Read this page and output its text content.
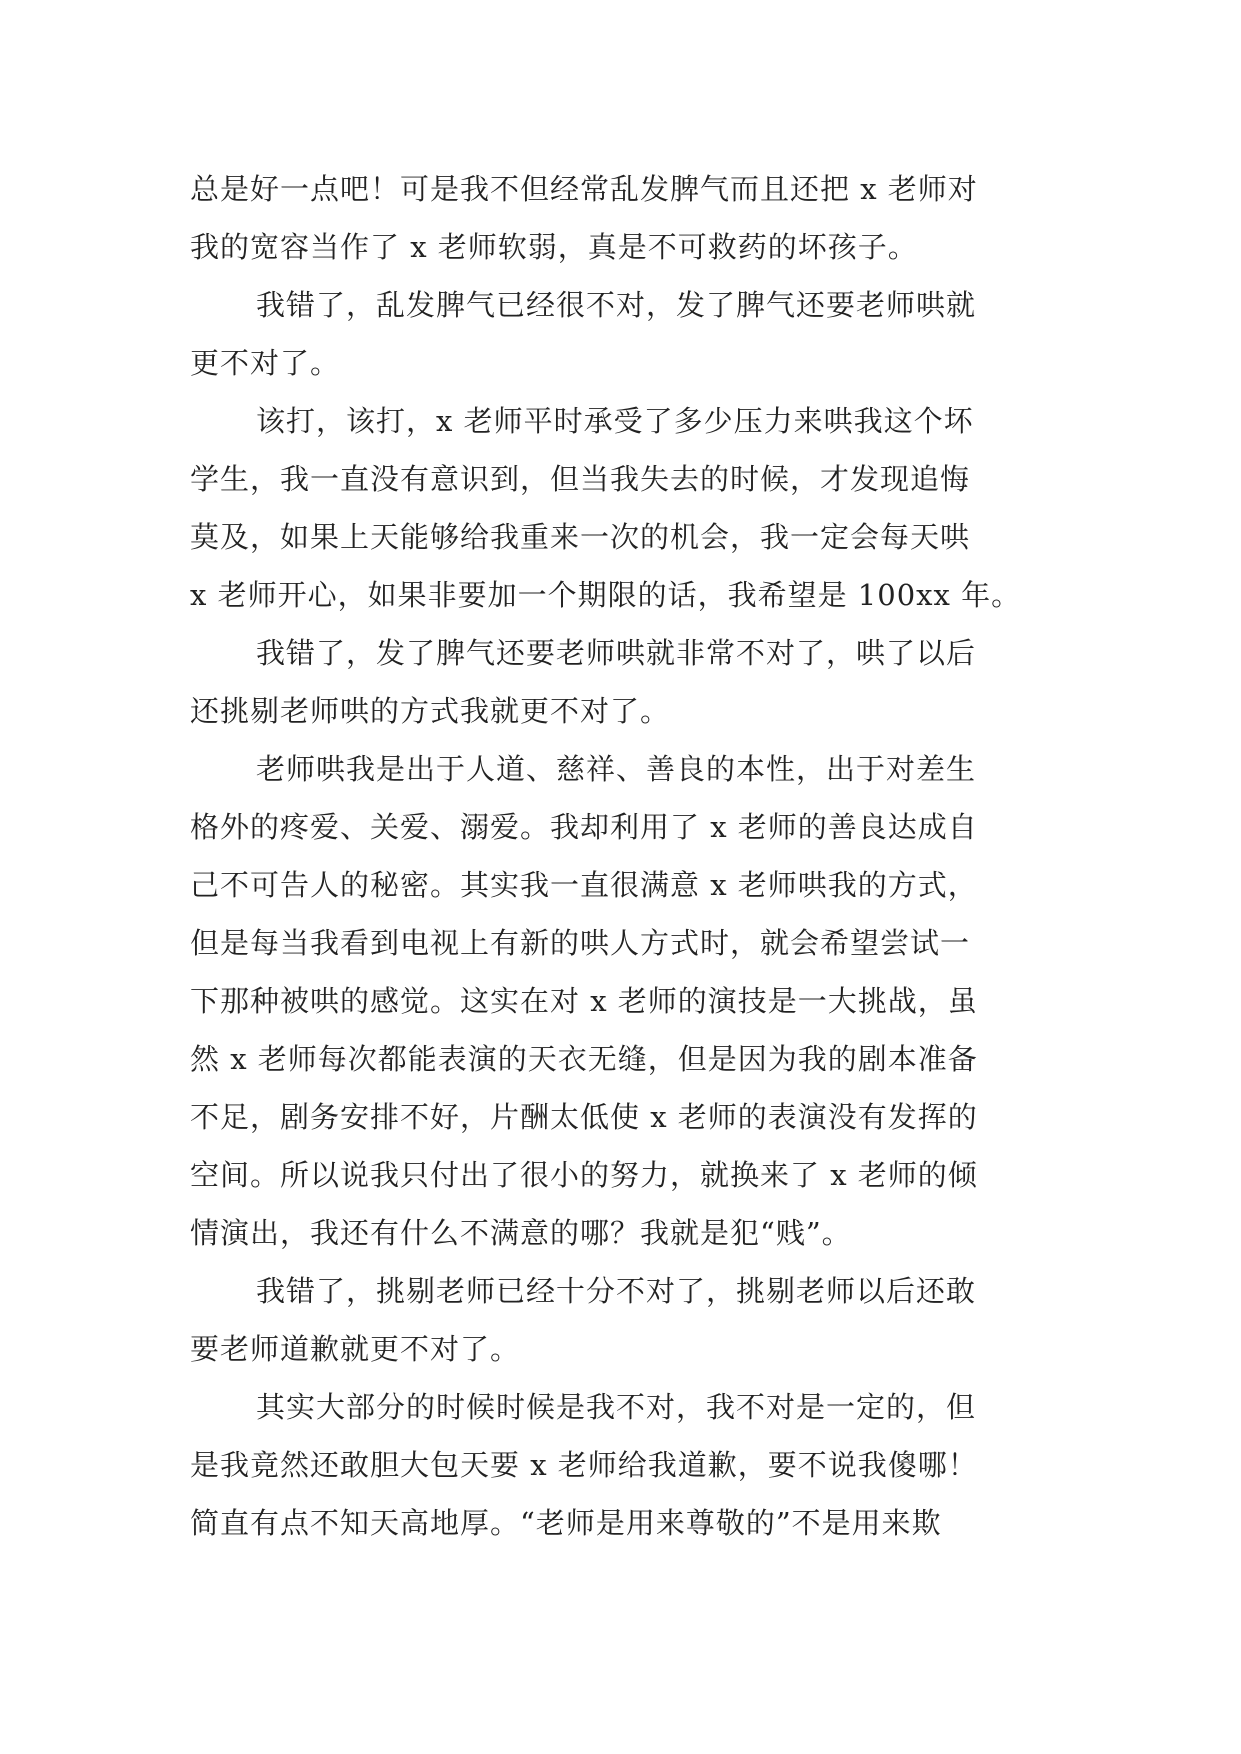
总是好一点吧！可是我不但经常乱发脾气而且还把 x 老师对
我的宽容当作了 x 老师软弱，真是不可救药的坏孩子。
我错了，乱发脾气已经很不对，发了脾气还要老师哄就
更不对了。
该打，该打，x 老师平时承受了多少压力来哄我这个坏
学生，我一直没有意识到，但当我失去的时候，才发现追悔
莫及，如果上天能够给我重来一次的机会，我一定会每天哄
x 老师开心，如果非要加一个期限的话，我希望是 100xx 年。
我错了，发了脾气还要老师哄就非常不对了，哄了以后
还挑剔老师哄的方式我就更不对了。
老师哄我是出于人道、慈祥、善良的本性，出于对差生
格外的疼爱、关爱、溺爱。我却利用了 x 老师的善良达成自
己不可告人的秘密。其实我一直很满意 x 老师哄我的方式，
但是每当我看到电视上有新的哄人方式时，就会希望尝试一
下那种被哄的感觉。这实在对 x 老师的演技是一大挑战，虽
然 x 老师每次都能表演的天衣无缝，但是因为我的剧本准备
不足，剧务安排不好，片酬太低使 x 老师的表演没有发挥的
空间。所以说我只付出了很小的努力，就换来了 x 老师的倾
情演出，我还有什么不满意的哪？我就是犯“贱”。
我错了，挑剔老师已经十分不对了，挑剔老师以后还敢
要老师道歉就更不对了。
其实大部分的时候时候是我不对，我不对是一定的，但
是我竟然还敢胆大包天要 x 老师给我道歉，要不说我傻哪！
简直有点不知天高地厚。“老师是用来尊敬的”不是用来欺
